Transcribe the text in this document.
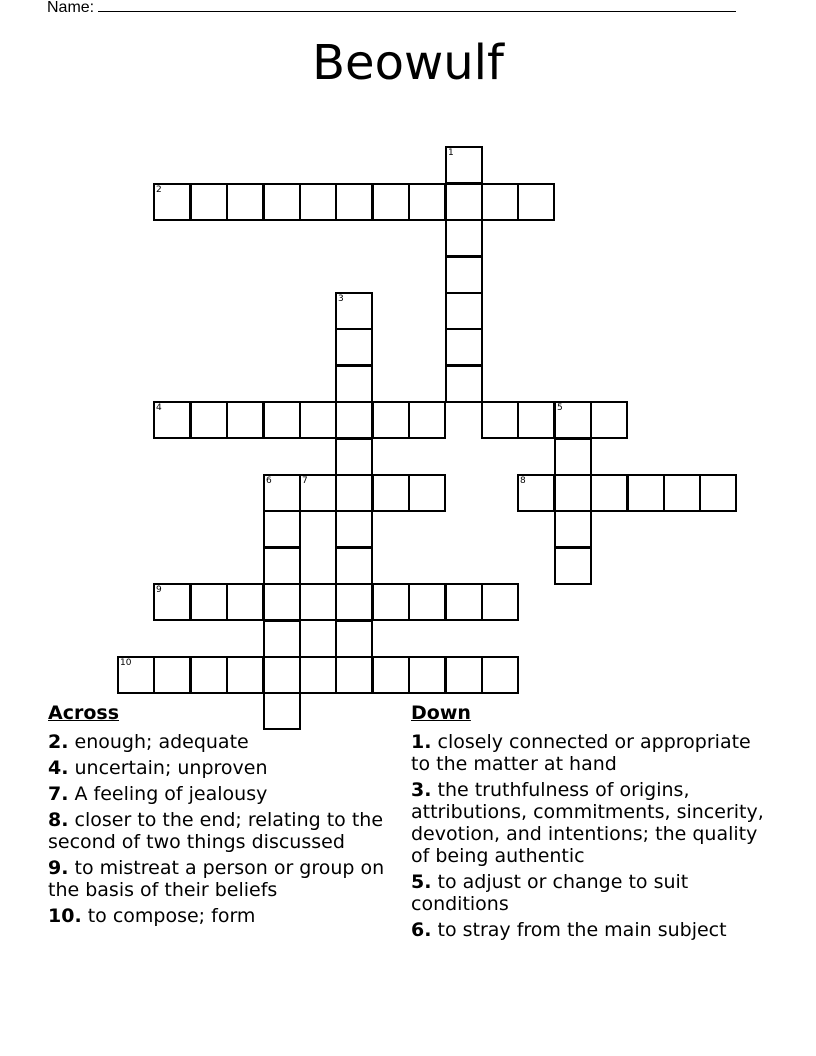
Name:
Beowulf
1
2
3
4	5
6	7	8
9
10
Across
2. enough; adequate
4. uncertain; unproven
7. A feeling of jealousy
8. closer to the end; relating to the second of two things discussed
9. to mistreat a person or group on the basis of their beliefs
10. to compose; form
Down
1. closely connected or appropriate to the matter at hand
3. the truthfulness of origins, attributions, commitments, sincerity, devotion, and intentions; the quality of being authentic
5. to adjust or change to suit conditions
6. to stray from the main subject
